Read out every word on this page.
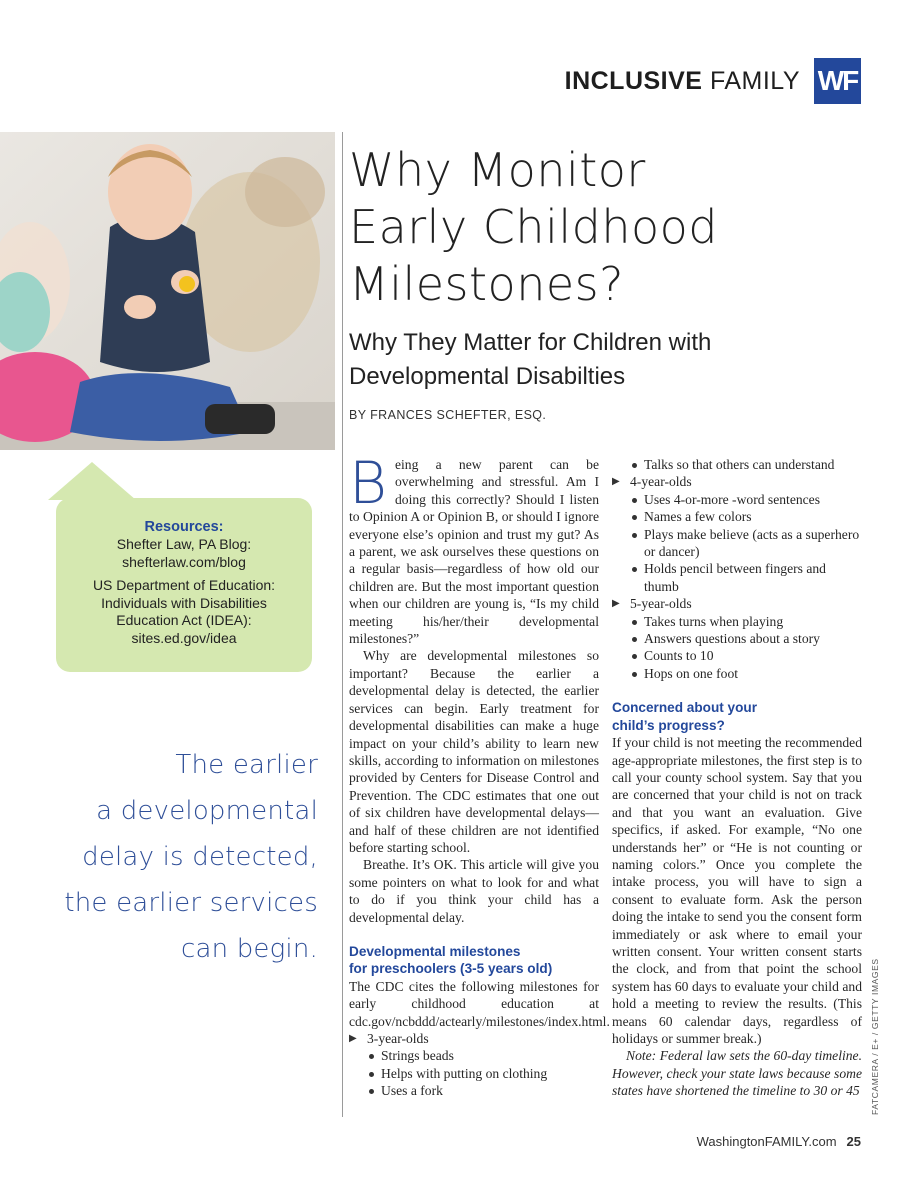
INCLUSIVE FAMILY WF
Resources:
Shefter Law, PA Blog:
shefterlaw.com/blog
US Department of Education:
Individuals with Disabilities
Education Act (IDEA):
sites.ed.gov/idea
The earlier
a developmental
delay is detected,
the earlier services
can begin.
Why Monitor
Early Childhood
Milestones?
Why They Matter for Children with
Developmental Disabilties
BY FRANCES SCHEFTER, ESQ.

Being a new parent can be overwhelming and stressful. Am I doing this correctly? Should I listen to Opinion A or Opinion B, or should I ignore everyone else’s opinion and trust my gut? As a parent, we ask ourselves these questions on a regular basis—regardless of how old our children are. But the most important question when our children are young is, “Is my child meeting his/her/their developmental milestones?”

Why are developmental milestones so important? Because the earlier a developmental delay is detected, the earlier services can begin. Early treatment for developmental disabilities can make a huge impact on your child’s ability to learn new skills, according to information on milestones provided by Centers for Disease Control and Prevention. The CDC estimates that one out of six children have developmental delays—and half of these children are not identified before starting school.

Breathe. It’s OK. This article will give you some pointers on what to look for and what to do if you think your child has a developmental delay.

Developmental milestones
for preschoolers (3-5 years old)

The CDC cites the following milestones for early childhood education at cdc.gov/ncbddd/actearly/milestones/index.html.

▶ 3-year-olds
Strings beads
Helps with putting on clothing
Uses a fork
Talks so that others can understand
▶ 4-year-olds
Uses 4-or-more -word sentences
Names a few colors
Plays make believe (acts as a superhero or dancer)
Holds pencil between fingers and thumb
▶ 5-year-olds
Takes turns when playing
Answers questions about a story
Counts to 10
Hops on one foot
Concerned about your
child’s progress?

If your child is not meeting the recommended age-appropriate milestones, the first step is to call your county school system. Say that you are concerned that your child is not on track and that you want an evaluation. Give specifics, if asked. For example, “No one understands her” or “He is not counting or naming colors.” Once you complete the intake process, you will have to sign a consent to evaluate form. Ask the person doing the intake to send you the consent form immediately or ask where to email your written consent. Your written consent starts the clock, and from that point the school system has 60 days to evaluate your child and hold a meeting to review the results. (This means 60 calendar days, regardless of holidays or summer break.)

Note: Federal law sets the 60-day timeline. However, check your state laws because some states have shortened the timeline to 30 or 45 FATCAMERA / E+ / GETTY IMAGES
WashingtonFAMILY.com 25
